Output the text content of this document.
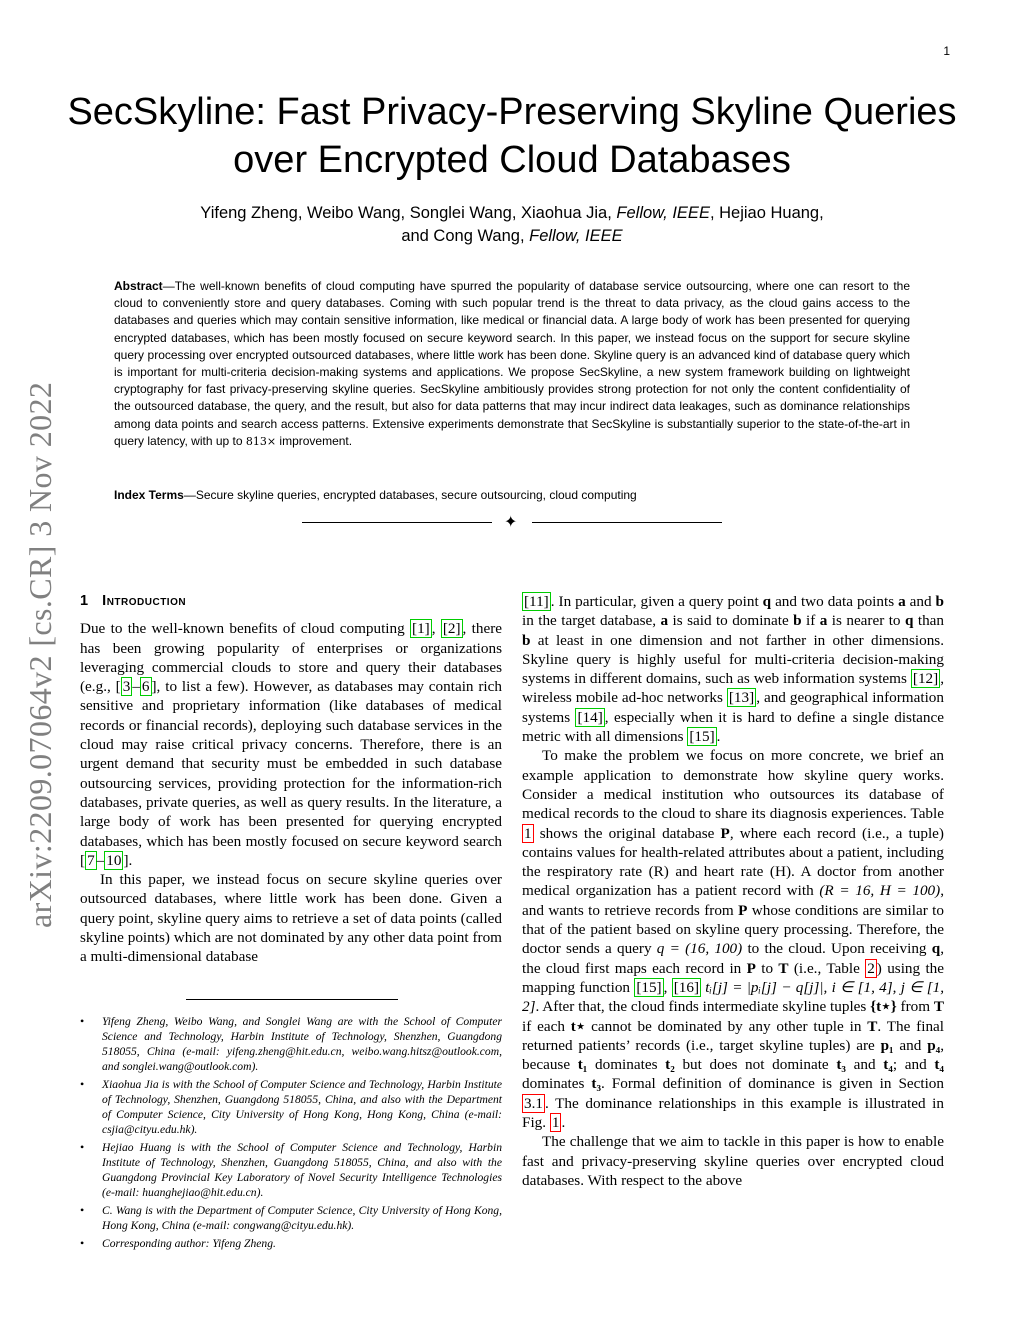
1
arXiv:2209.07064v2 [cs.CR] 3 Nov 2022
SecSkyline: Fast Privacy-Preserving Skyline Queries over Encrypted Cloud Databases
Yifeng Zheng, Weibo Wang, Songlei Wang, Xiaohua Jia, Fellow, IEEE, Hejiao Huang,
and Cong Wang, Fellow, IEEE
Abstract—The well-known benefits of cloud computing have spurred the popularity of database service outsourcing, where one can resort to the cloud to conveniently store and query databases. Coming with such popular trend is the threat to data privacy, as the cloud gains access to the databases and queries which may contain sensitive information, like medical or financial data. A large body of work has been presented for querying encrypted databases, which has been mostly focused on secure keyword search. In this paper, we instead focus on the support for secure skyline query processing over encrypted outsourced databases, where little work has been done. Skyline query is an advanced kind of database query which is important for multi-criteria decision-making systems and applications. We propose SecSkyline, a new system framework building on lightweight cryptography for fast privacy-preserving skyline queries. SecSkyline ambitiously provides strong protection for not only the content confidentiality of the outsourced database, the query, and the result, but also for data patterns that may incur indirect data leakages, such as dominance relationships among data points and search access patterns. Extensive experiments demonstrate that SecSkyline is substantially superior to the state-of-the-art in query latency, with up to 813× improvement.
Index Terms—Secure skyline queries, encrypted databases, secure outsourcing, cloud computing
✦
1 Introduction

Due to the well-known benefits of cloud computing [1] , [2] , there has been growing popularity of enterprises or organizations leveraging commercial clouds to store and query their databases (e.g., [ 3 – 6 ], to list a few). However, as databases may contain rich sensitive and proprietary information (like databases of medical records or financial records), deploying such database services in the cloud may raise critical privacy concerns. Therefore, there is an urgent demand that security must be embedded in such database outsourcing services, providing protection for the information-rich databases, private queries, as well as query results. In the literature, a large body of work has been presented for querying encrypted databases, which has been mostly focused on secure keyword search [ 7 – 10 ].

In this paper, we instead focus on secure skyline queries over outsourced databases, where little work has been done. Given a query point, skyline query aims to retrieve a set of data points (called skyline points) which are not dominated by any other data point from a multi-dimensional database

[11] . In particular, given a query point q and two data points a and b in the target database, a is said to dominate b if a is nearer to q than b at least in one dimension and not farther in other dimensions. Skyline query is highly useful for multi-criteria decision-making systems in different domains, such as web information systems [12] , wireless mobile ad-hoc networks [13] , and geographical information systems [14] , especially when it is hard to define a single distance metric with all dimensions [15] .

To make the problem we focus on more concrete, we brief an example application to demonstrate how skyline query works. Consider a medical institution who outsources its database of medical records to the cloud to share its diagnosis experiences. Table 1 shows the original database P, where each record (i.e., a tuple) contains values for health-related attributes about a patient, including the respiratory rate (R) and heart rate (H). A doctor from another medical organization has a patient record with (R = 16, H = 100), and wants to retrieve records from P whose conditions are similar to that of the patient based on skyline query processing. Therefore, the doctor sends a query q = (16, 100) to the cloud. Upon receiving q, the cloud first maps each record in P to T (i.e., Table 2 ) using the mapping function [15] , [16] tᵢ[j] = |pᵢ[j] − q[j]|, i ∈ [1, 4], j ∈ [1, 2]. After that, the cloud finds intermediate skyline tuples {t⋆} from T if each t⋆ cannot be dominated by any other tuple in T. The final returned patients’ records (i.e., target skyline tuples) are p₁ and p₄, because t₁ dominates t₂ but does not dominate t₃ and t₄; and t₄ dominates t₃. Formal definition of dominance is given in Section 3.1 . The dominance relationships in this example is illustrated in Fig. 1 .

The challenge that we aim to tackle in this paper is how to enable fast and privacy-preserving skyline queries over encrypted cloud databases. With respect to the above

• Yifeng Zheng, Weibo Wang, and Songlei Wang are with the School of Computer Science and Technology, Harbin Institute of Technology, Shenzhen, Guangdong 518055, China (e-mail: yifeng.zheng@hit.edu.cn, weibo.wang.hitsz@outlook.com, and songlei.wang@outlook.com).
• Xiaohua Jia is with the School of Computer Science and Technology, Harbin Institute of Technology, Shenzhen, Guangdong 518055, China, and also with the Department of Computer Science, City University of Hong Kong, Hong Kong, China (e-mail: csjia@cityu.edu.hk).
• Hejiao Huang is with the School of Computer Science and Technology, Harbin Institute of Technology, Shenzhen, Guangdong 518055, China, and also with the Guangdong Provincial Key Laboratory of Novel Security Intelligence Technologies (e-mail: huanghejiao@hit.edu.cn).
• C. Wang is with the Department of Computer Science, City University of Hong Kong, Hong Kong, China (e-mail: congwang@cityu.edu.hk).
• Corresponding author: Yifeng Zheng.
